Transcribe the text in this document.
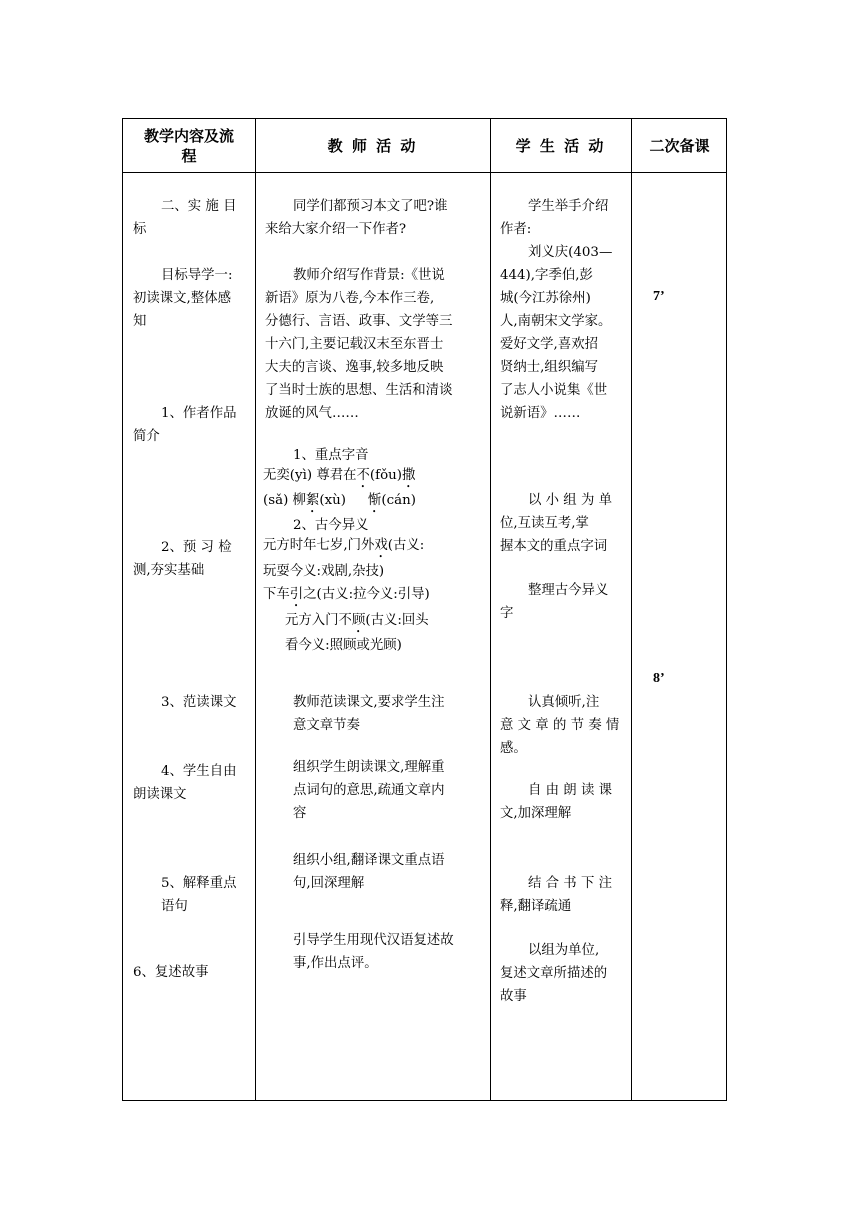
教学内容及流程
教 师 活 动	学 生 活 动	二次备课
二、实 施 目
标
目标导学一:
初读课文,整体感
知
1、作者作品
简介
2、预 习 检
测,夯实基础
3、范读课文
4、学生自由
朗读课文
5、解释重点
语句
6、复述故事
同学们都预习本文了吧?谁
来给大家介绍一下作者?
教师介绍写作背景:《世说
新语》原为八卷,今本作三卷,
分德行、言语、政事、文学等三
十六门,主要记载汉末至东晋士
大夫的言谈、逸事,较多地反映
了当时士族的思想、生活和清谈
放诞的风气……
1、重点字音
无奕(yì) 尊君在不(fǒu)撒
(sǎ) 柳絮(xù) 惭(cán)
2、古今异义
元方时年七岁,门外戏(古义:
玩耍今义:戏剧,杂技)
下车引之(古义:拉今义:引导)
元方入门不顾(古义:回头
看今义:照顾或光顾)
教师范读课文,要求学生注
意文章节奏
组织学生朗读课文,理解重
点词句的意思,疏通文章内
容
组织小组,翻译课文重点语
句,回深理解
引导学生用现代汉语复述故
事,作出点评。
学生举手介绍
作者:
刘义庆(403—
444),字季伯,彭
城(今江苏徐州)
人,南朝宋文学家。
爱好文学,喜欢招
贤纳士,组织编写
了志人小说集《世
说新语》……
以 小 组 为 单
位,互读互考,掌
握本文的重点字词
整理古今异义
字
认真倾听,注
意 文 章 的 节 奏 情
感。
自 由 朗 读 课
文,加深理解
结 合 书 下 注
释,翻译疏通
以组为单位,
复述文章所描述的
故事
7’
8’
